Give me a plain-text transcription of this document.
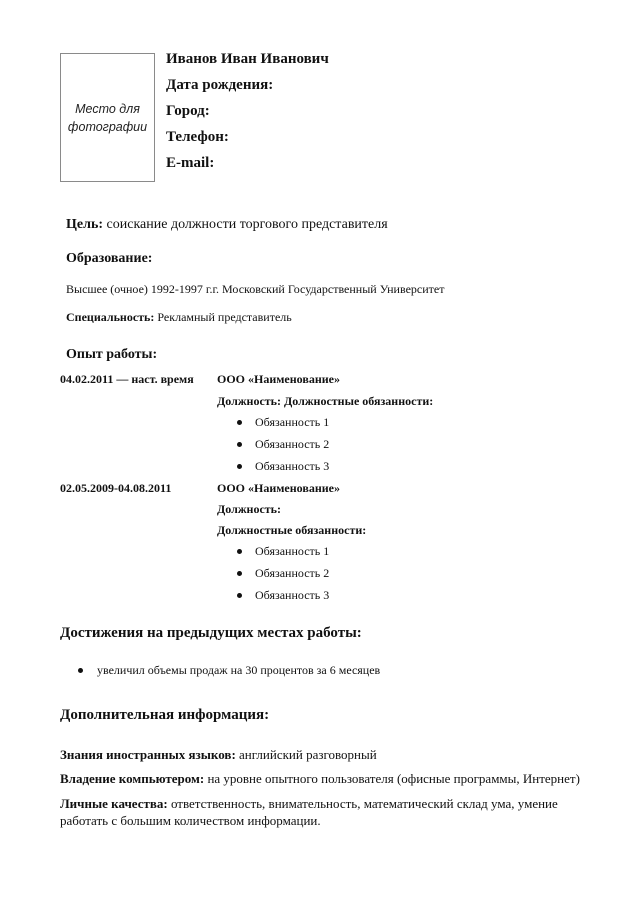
Место для
фотографии
Иванов Иван Иванович
Дата рождения:
Город:
Телефон:
E-mail:
Цель: соискание должности торгового представителя
Образование:
Высшее (очное) 1992-1997 г.г. Московский Государственный Университет
Специальность: Рекламный представитель
Опыт работы:
04.02.2011 — наст. время ООО «Наименование»
Должность: Должностные обязанности:
Обязанность 1
Обязанность 2
Обязанность 3
02.05.2009-04.08.2011	ООО «Наименование»
Должность:
Должностные обязанности:
Обязанность 1
Обязанность 2
Обязанность 3
Достижения на предыдущих местах работы:
увеличил объемы продаж на 30 процентов за 6 месяцев
Дополнительная информация:
Знания иностранных языков: английский разговорный
Владение компьютером: на уровне опытного пользователя (офисные программы, Интернет)
Личные качества: ответственность, внимательность, математический склад ума, умение работать с большим количеством информации.
